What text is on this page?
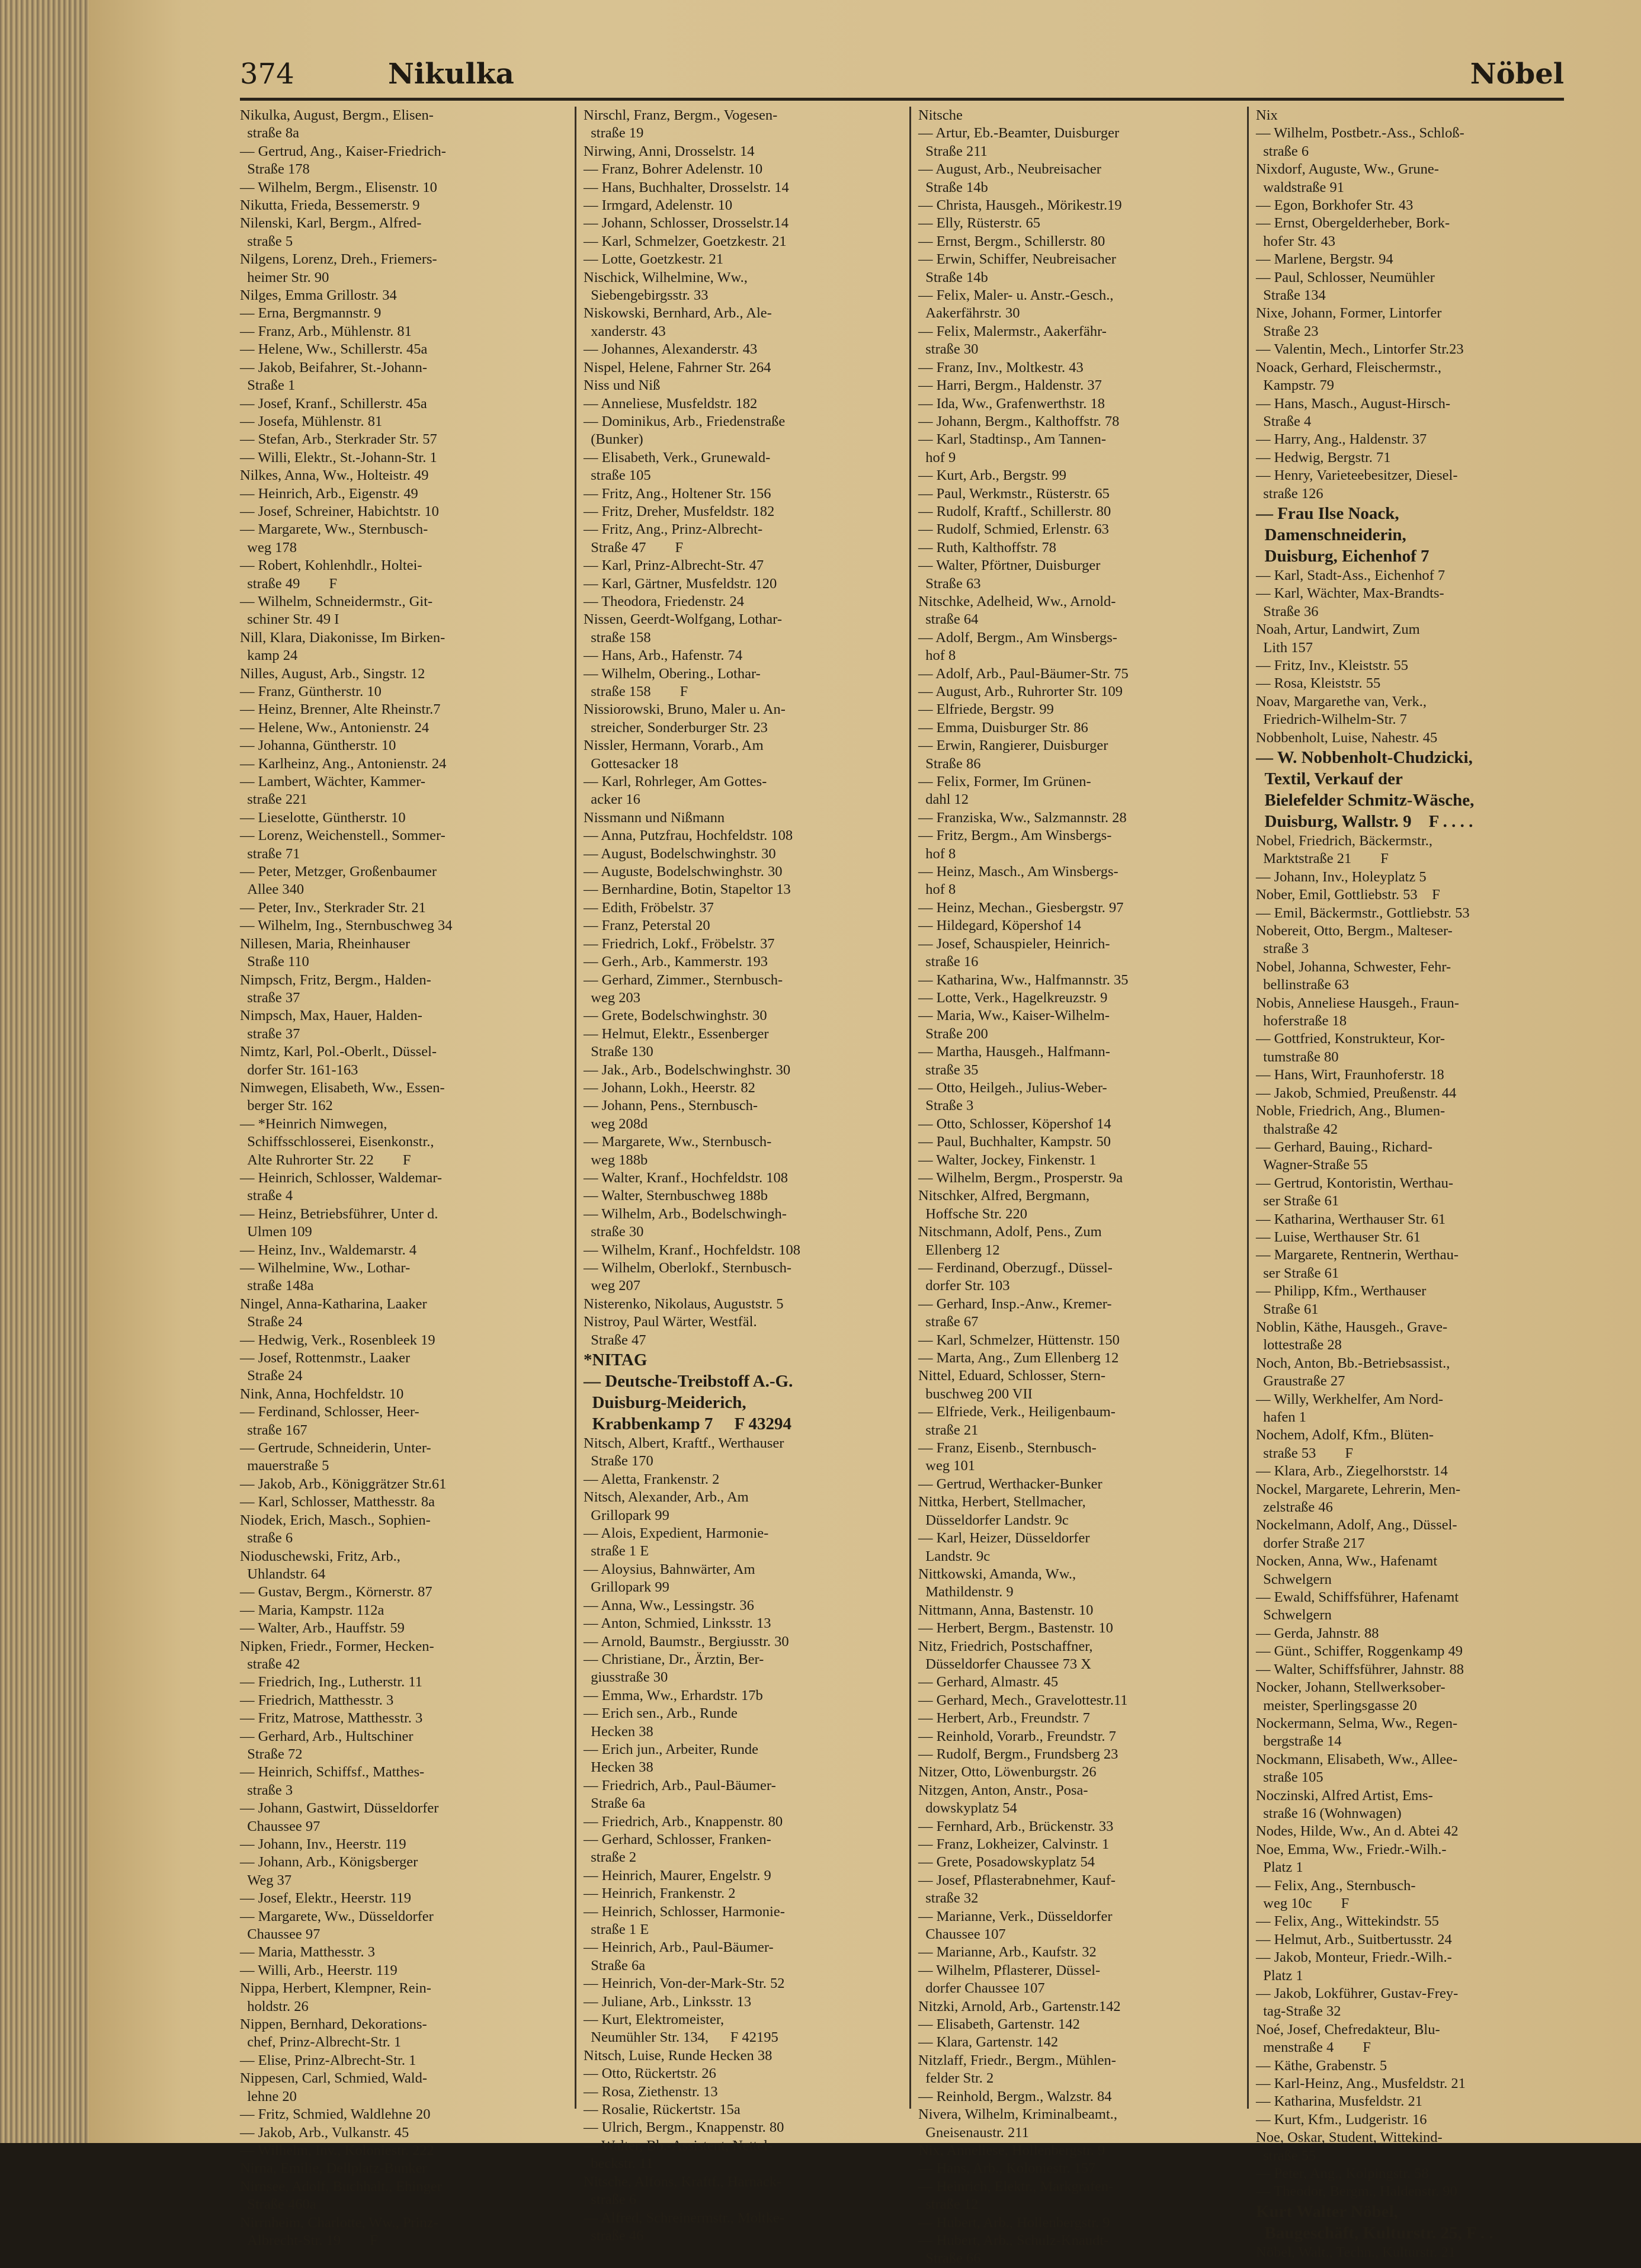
374	Nikulka	Nöbel
Nikulka, August, Bergm., Elisen-
straße 8a
— Gertrud, Ang., Kaiser-Friedrich-
Straße 178
— Wilhelm, Bergm., Elisenstr. 10
Nikutta, Frieda, Bessemerstr. 9
Nilenski, Karl, Bergm., Alfred-
straße 5
Nilgens, Lorenz, Dreh., Friemers-
heimer Str. 90
Nilges, Emma Grillostr. 34
— Erna, Bergmannstr. 9
— Franz, Arb., Mühlenstr. 81
— Helene, Ww., Schillerstr. 45a
— Jakob, Beifahrer, St.-Johann-
Straße 1
— Josef, Kranf., Schillerstr. 45a
— Josefa, Mühlenstr. 81
— Stefan, Arb., Sterkrader Str. 57
— Willi, Elektr., St.-Johann-Str. 1
Nilkes, Anna, Ww., Holteistr. 49
— Heinrich, Arb., Eigenstr. 49
— Josef, Schreiner, Habichtstr. 10
— Margarete, Ww., Sternbusch-
weg 178
— Robert, Kohlenhdlr., Holtei-
straße 49        F
— Wilhelm, Schneidermstr., Git-
schiner Str. 49 I
Nill, Klara, Diakonisse, Im Birken-
kamp 24
Nilles, August, Arb., Singstr. 12
— Franz, Güntherstr. 10
— Heinz, Brenner, Alte Rheinstr.7
— Helene, Ww., Antonienstr. 24
— Johanna, Güntherstr. 10
— Karlheinz, Ang., Antonienstr. 24
— Lambert, Wächter, Kammer-
straße 221
— Lieselotte, Güntherstr. 10
— Lorenz, Weichenstell., Sommer-
straße 71
— Peter, Metzger, Großenbaumer
Allee 340
— Peter, Inv., Sterkrader Str. 21
— Wilhelm, Ing., Sternbuschweg 34
Nillesen, Maria, Rheinhauser
Straße 110
Nimpsch, Fritz, Bergm., Halden-
straße 37
Nimpsch, Max, Hauer, Halden-
straße 37
Nimtz, Karl, Pol.-Oberlt., Düssel-
dorfer Str. 161-163
Nimwegen, Elisabeth, Ww., Essen-
berger Str. 162
— *Heinrich Nimwegen,
Schiffsschlosserei, Eisenkonstr.,
Alte Ruhrorter Str. 22        F
— Heinrich, Schlosser, Waldemar-
straße 4
— Heinz, Betriebsführer, Unter d.
Ulmen 109
— Heinz, Inv., Waldemarstr. 4
— Wilhelmine, Ww., Lothar-
straße 148a
Ningel, Anna-Katharina, Laaker
Straße 24
— Hedwig, Verk., Rosenbleek 19
— Josef, Rottenmstr., Laaker
Straße 24
Nink, Anna, Hochfeldstr. 10
— Ferdinand, Schlosser, Heer-
straße 167
— Gertrude, Schneiderin, Unter-
mauerstraße 5
— Jakob, Arb., Königgrätzer Str.61
— Karl, Schlosser, Matthesstr. 8a
Niodek, Erich, Masch., Sophien-
straße 6
Nioduschewski, Fritz, Arb.,
Uhlandstr. 64
— Gustav, Bergm., Körnerstr. 87
— Maria, Kampstr. 112a
— Walter, Arb., Hauffstr. 59
Nipken, Friedr., Former, Hecken-
straße 42
— Friedrich, Ing., Lutherstr. 11
— Friedrich, Matthesstr. 3
— Fritz, Matrose, Matthesstr. 3
— Gerhard, Arb., Hultschiner
Straße 72
— Heinrich, Schiffsf., Matthes-
straße 3
— Johann, Gastwirt, Düsseldorfer
Chaussee 97
— Johann, Inv., Heerstr. 119
— Johann, Arb., Königsberger
Weg 37
— Josef, Elektr., Heerstr. 119
— Margarete, Ww., Düsseldorfer
Chaussee 97
— Maria, Matthesstr. 3
— Willi, Arb., Heerstr. 119
Nippa, Herbert, Klempner, Rein-
holdstr. 26
Nippen, Bernhard, Dekorations-
chef, Prinz-Albrecht-Str. 1
— Elise, Prinz-Albrecht-Str. 1
Nippesen, Carl, Schmied, Wald-
lehne 20
— Fritz, Schmied, Waldlehne 20
— Jakob, Arb., Vulkanstr. 45
— Wilhelm, Inv., Koloniestr. 222
Nirna, Emilie, Dellplatz-Bunker
Nirnsee, Adolf, Buchhalt., Ehinger
Straße 460a
Nirrnheim, Charlotte, Ww., Prinz-
Albrecht-Str. 19        F
Nirschl, Franz, Bergm., Vogesen-
straße 19
Nirwing, Anni, Drosselstr. 14
— Franz, Bohrer Adelenstr. 10
— Hans, Buchhalter, Drosselstr. 14
— Irmgard, Adelenstr. 10
— Johann, Schlosser, Drosselstr.14
— Karl, Schmelzer, Goetzkestr. 21
— Lotte, Goetzkestr. 21
Nischick, Wilhelmine, Ww.,
Siebengebirgsstr. 33
Niskowski, Bernhard, Arb., Ale-
xanderstr. 43
— Johannes, Alexanderstr. 43
Nispel, Helene, Fahrner Str. 264
Niss und Niß
— Anneliese, Musfeldstr. 182
— Dominikus, Arb., Friedenstraße
(Bunker)
— Elisabeth, Verk., Grunewald-
straße 105
— Fritz, Ang., Holtener Str. 156
— Fritz, Dreher, Musfeldstr. 182
— Fritz, Ang., Prinz-Albrecht-
Straße 47        F
— Karl, Prinz-Albrecht-Str. 47
— Karl, Gärtner, Musfeldstr. 120
— Theodora, Friedenstr. 24
Nissen, Geerdt-Wolfgang, Lothar-
straße 158
— Hans, Arb., Hafenstr. 74
— Wilhelm, Obering., Lothar-
straße 158        F
Nissiorowski, Bruno, Maler u. An-
streicher, Sonderburger Str. 23
Nissler, Hermann, Vorarb., Am
Gottesacker 18
— Karl, Rohrleger, Am Gottes-
acker 16
Nissmann und Nißmann
— Anna, Putzfrau, Hochfeldstr. 108
— August, Bodelschwinghstr. 30
— Auguste, Bodelschwinghstr. 30
— Bernhardine, Botin, Stapeltor 13
— Edith, Fröbelstr. 37
— Franz, Peterstal 20
— Friedrich, Lokf., Fröbelstr. 37
— Gerh., Arb., Kammerstr. 193
— Gerhard, Zimmer., Sternbusch-
weg 203
— Grete, Bodelschwinghstr. 30
— Helmut, Elektr., Essenberger
Straße 130
— Jak., Arb., Bodelschwinghstr. 30
— Johann, Lokh., Heerstr. 82
— Johann, Pens., Sternbusch-
weg 208d
— Margarete, Ww., Sternbusch-
weg 188b
— Walter, Kranf., Hochfeldstr. 108
— Walter, Sternbuschweg 188b
— Wilhelm, Arb., Bodelschwingh-
straße 30
— Wilhelm, Kranf., Hochfeldstr. 108
— Wilhelm, Oberlokf., Sternbusch-
weg 207
Nisterenko, Nikolaus, Auguststr. 5
Nistroy, Paul Wärter, Westfäl.
Straße 47
*NITAG
— Deutsche-Treibstoff A.-G.
Duisburg-Meiderich,
Krabbenkamp 7     F 43294
Nitsch, Albert, Kraftf., Werthauser
Straße 170
— Aletta, Frankenstr. 2
Nitsch, Alexander, Arb., Am
Grillopark 99
— Alois, Expedient, Harmonie-
straße 1 E
— Aloysius, Bahnwärter, Am
Grillopark 99
— Anna, Ww., Lessingstr. 36
— Anton, Schmied, Linksstr. 13
— Arnold, Baumstr., Bergiusstr. 30
— Christiane, Dr., Ärztin, Ber-
giusstraße 30
— Emma, Ww., Erhardstr. 17b
— Erich sen., Arb., Runde
Hecken 38
— Erich jun., Arbeiter, Runde
Hecken 38
— Friedrich, Arb., Paul-Bäumer-
Straße 6a
— Friedrich, Arb., Knappenstr. 80
— Gerhard, Schlosser, Franken-
straße 2
— Heinrich, Maurer, Engelstr. 9
— Heinrich, Frankenstr. 2
— Heinrich, Schlosser, Harmonie-
straße 1 E
— Heinrich, Arb., Paul-Bäumer-
Straße 6a
— Heinrich, Von-der-Mark-Str. 52
— Juliane, Arb., Linksstr. 13
— Kurt, Elektromeister,
Neumühler Str. 134,      F 42195
Nitsch, Luise, Runde Hecken 38
— Otto, Rückertstr. 26
— Rosa, Ziethenstr. 13
— Rosalie, Rückertstr. 15a
— Ulrich, Bergm., Knappenstr. 80
— Walter, Bb.-Assistent, Nettel-
beckstr. 11
Nitsche, Alfons, Kraftf., Harnack-
straße 6
— Alfred, Schreinermstr., Moltke-
straße 46
Nitsche
— Artur, Eb.-Beamter, Duisburger
Straße 211
— August, Arb., Neubreisacher
Straße 14b
— Christa, Hausgeh., Mörikestr.19
— Elly, Rüsterstr. 65
— Ernst, Bergm., Schillerstr. 80
— Erwin, Schiffer, Neubreisacher
Straße 14b
— Felix, Maler- u. Anstr.-Gesch.,
Aakerfährstr. 30
— Felix, Malermstr., Aakerfähr-
straße 30
— Franz, Inv., Moltkestr. 43
— Harri, Bergm., Haldenstr. 37
— Ida, Ww., Grafenwerthstr. 18
— Johann, Bergm., Kalthoffstr. 78
— Karl, Stadtinsp., Am Tannen-
hof 9
— Kurt, Arb., Bergstr. 99
— Paul, Werkmstr., Rüsterstr. 65
— Rudolf, Kraftf., Schillerstr. 80
— Rudolf, Schmied, Erlenstr. 63
— Ruth, Kalthoffstr. 78
— Walter, Pförtner, Duisburger
Straße 63
Nitschke, Adelheid, Ww., Arnold-
straße 64
— Adolf, Bergm., Am Winsbergs-
hof 8
— Adolf, Arb., Paul-Bäumer-Str. 75
— August, Arb., Ruhrorter Str. 109
— Elfriede, Bergstr. 99
— Emma, Duisburger Str. 86
— Erwin, Rangierer, Duisburger
Straße 86
— Felix, Former, Im Grünen-
dahl 12
— Franziska, Ww., Salzmannstr. 28
— Fritz, Bergm., Am Winsbergs-
hof 8
— Heinz, Masch., Am Winsbergs-
hof 8
— Heinz, Mechan., Giesbergstr. 97
— Hildegard, Köpershof 14
— Josef, Schauspieler, Heinrich-
straße 16
— Katharina, Ww., Halfmannstr. 35
— Lotte, Verk., Hagelkreuzstr. 9
— Maria, Ww., Kaiser-Wilhelm-
Straße 200
— Martha, Hausgeh., Halfmann-
straße 35
— Otto, Heilgeh., Julius-Weber-
Straße 3
— Otto, Schlosser, Köpershof 14
— Paul, Buchhalter, Kampstr. 50
— Walter, Jockey, Finkenstr. 1
— Wilhelm, Bergm., Prosperstr. 9a
Nitschker, Alfred, Bergmann,
Hoffsche Str. 220
Nitschmann, Adolf, Pens., Zum
Ellenberg 12
— Ferdinand, Oberzugf., Düssel-
dorfer Str. 103
— Gerhard, Insp.-Anw., Kremer-
straße 67
— Karl, Schmelzer, Hüttenstr. 150
— Marta, Ang., Zum Ellenberg 12
Nittel, Eduard, Schlosser, Stern-
buschweg 200 VII
— Elfriede, Verk., Heiligenbaum-
straße 21
— Franz, Eisenb., Sternbusch-
weg 101
— Gertrud, Werthacker-Bunker
Nittka, Herbert, Stellmacher,
Düsseldorfer Landstr. 9c
— Karl, Heizer, Düsseldorfer
Landstr. 9c
Nittkowski, Amanda, Ww.,
Mathildenstr. 9
Nittmann, Anna, Bastenstr. 10
— Herbert, Bergm., Bastenstr. 10
Nitz, Friedrich, Postschaffner,
Düsseldorfer Chaussee 73 X
— Gerhard, Almastr. 45
— Gerhard, Mech., Gravelottestr.11
— Herbert, Arb., Freundstr. 7
— Reinhold, Vorarb., Freundstr. 7
— Rudolf, Bergm., Frundsberg 23
Nitzer, Otto, Löwenburgstr. 26
Nitzgen, Anton, Anstr., Posa-
dowskyplatz 54
— Fernhard, Arb., Brückenstr. 33
— Franz, Lokheizer, Calvinstr. 1
— Grete, Posadowskyplatz 54
— Josef, Pflasterabnehmer, Kauf-
straße 32
— Marianne, Verk., Düsseldorfer
Chaussee 107
— Marianne, Arb., Kaufstr. 32
— Wilhelm, Pflasterer, Düssel-
dorfer Chaussee 107
Nitzki, Arnold, Arb., Gartenstr.142
— Elisabeth, Gartenstr. 142
— Klara, Gartenstr. 142
Nitzlaff, Friedr., Bergm., Mühlen-
felder Str. 2
— Reinhold, Bergm., Walzstr. 84
Nivera, Wilhelm, Kriminalbeamt.,
Gneisenaustr. 211
Nix, Anneliese, Hollenbergstr. 9
— Hans, Arb., Koloniestr. 157
— Heinrich, Elektr., Markgrafen-
straße 12
— Hubert, Arb., Hollenbergstr. 9
— Hubert, Arb., Schulz-Knaudt-
Straße 66
Nix
— Wilhelm, Postbetr.-Ass., Schloß-
straße 6
Nixdorf, Auguste, Ww., Grune-
waldstraße 91
— Egon, Borkhofer Str. 43
— Ernst, Obergelderheber, Bork-
hofer Str. 43
— Marlene, Bergstr. 94
— Paul, Schlosser, Neumühler
Straße 134
Nixe, Johann, Former, Lintorfer
Straße 23
— Valentin, Mech., Lintorfer Str.23
Noack, Gerhard, Fleischermstr.,
Kampstr. 79
— Hans, Masch., August-Hirsch-
Straße 4
— Harry, Ang., Haldenstr. 37
— Hedwig, Bergstr. 71
— Henry, Varieteebesitzer, Diesel-
straße 126
— Frau Ilse Noack,
Damenschneiderin,
Duisburg, Eichenhof 7
— Karl, Stadt-Ass., Eichenhof 7
— Karl, Wächter, Max-Brandts-
Straße 36
Noah, Artur, Landwirt, Zum
Lith 157
— Fritz, Inv., Kleiststr. 55
— Rosa, Kleiststr. 55
Noav, Margarethe van, Verk.,
Friedrich-Wilhelm-Str. 7
Nobbenholt, Luise, Nahestr. 45
— W. Nobbenholt-Chudzicki,
Textil, Verkauf der
Bielefelder Schmitz-Wäsche,
Duisburg, Wallstr. 9    F . . . .
Nobel, Friedrich, Bäckermstr.,
Marktstraße 21        F
— Johann, Inv., Holeyplatz 5
Nober, Emil, Gottliebstr. 53    F
— Emil, Bäckermstr., Gottliebstr. 53
Nobereit, Otto, Bergm., Malteser-
straße 3
Nobel, Johanna, Schwester, Fehr-
bellinstraße 63
Nobis, Anneliese Hausgeh., Fraun-
hoferstraße 18
— Gottfried, Konstrukteur, Kor-
tumstraße 80
— Hans, Wirt, Fraunhoferstr. 18
— Jakob, Schmied, Preußenstr. 44
Noble, Friedrich, Ang., Blumen-
thalstraße 42
— Gerhard, Bauing., Richard-
Wagner-Straße 55
— Gertrud, Kontoristin, Werthau-
ser Straße 61
— Katharina, Werthauser Str. 61
— Luise, Werthauser Str. 61
— Margarete, Rentnerin, Werthau-
ser Straße 61
— Philipp, Kfm., Werthauser
Straße 61
Noblin, Käthe, Hausgeh., Grave-
lottestraße 28
Noch, Anton, Bb.-Betriebsassist.,
Graustraße 27
— Willy, Werkhelfer, Am Nord-
hafen 1
Nochem, Adolf, Kfm., Blüten-
straße 53        F
— Klara, Arb., Ziegelhorststr. 14
Nockel, Margarete, Lehrerin, Men-
zelstraße 46
Nockelmann, Adolf, Ang., Düssel-
dorfer Straße 217
Nocken, Anna, Ww., Hafenamt
Schwelgern
— Ewald, Schiffsführer, Hafenamt
Schwelgern
— Gerda, Jahnstr. 88
— Günt., Schiffer, Roggenkamp 49
— Walter, Schiffsführer, Jahnstr. 88
Nocker, Johann, Stellwerksober-
meister, Sperlingsgasse 20
Nockermann, Selma, Ww., Regen-
bergstraße 14
Nockmann, Elisabeth, Ww., Allee-
straße 105
Noczinski, Alfred Artist, Ems-
straße 16 (Wohnwagen)
Nodes, Hilde, Ww., An d. Abtei 42
Noe, Emma, Ww., Friedr.-Wilh.-
Platz 1
— Felix, Ang., Sternbusch-
weg 10c        F
— Felix, Ang., Wittekindstr. 55
— Helmut, Arb., Suitbertusstr. 24
— Jakob, Monteur, Friedr.-Wilh.-
Platz 1
— Jakob, Lokführer, Gustav-Frey-
tag-Straße 32
Noé, Josef, Chefredakteur, Blu-
menstraße 4        F
— Käthe, Grabenstr. 5
— Karl-Heinz, Ang., Musfeldstr. 21
— Katharina, Musfeldstr. 21
— Kurt, Kfm., Ludgeristr. 16
Noe, Oskar, Student, Wittekind-
straße 55
— Peter, Ang., Kolpingstr. 58
— Theodor, Bergm., Haldenstr. 90
Kurt Walter Nöbel,
Baugeschäft, Kulturstr. 25, F . .
Nöbel, Walt., Techn., Kulturstr. 21
